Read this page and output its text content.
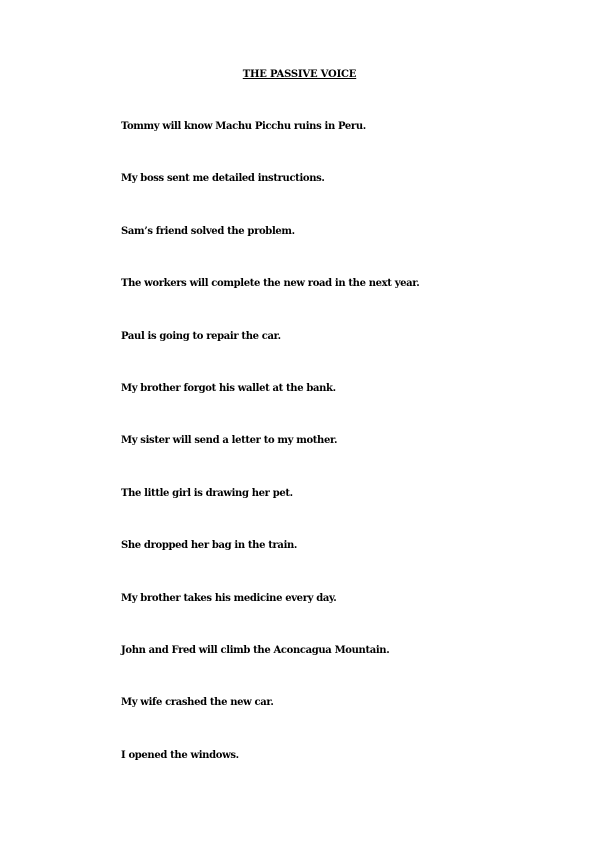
THE PASSIVE VOICE
Tommy will know Machu Picchu ruins in Peru.
My boss sent me detailed instructions.
Sam’s friend solved the problem.
The workers will complete the new road in the next year.
Paul is going to repair the car.
My brother forgot his wallet at the bank.
My sister will send a letter to my mother.
The little girl is drawing her pet.
She dropped her bag in the train.
My brother takes his medicine every day.
John and Fred will climb the Aconcagua Mountain.
My wife crashed the new car.
I opened the windows.
